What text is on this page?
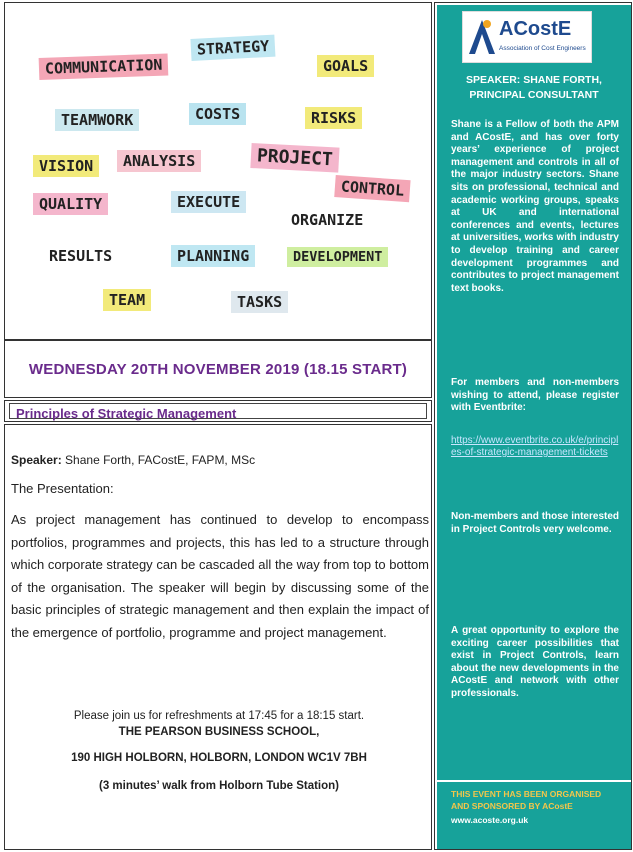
COMMUNICATION
STRATEGY
GOALS
TEAMWORK	COSTS	RISKS
VISION	ANALYSIS	PROJECT
CONTROL
QUALITY	EXECUTE
ORGANIZE
RESULTS	PLANNING	DEVELOPMENT
TEAM	TASKS
WEDNESDAY 20TH NOVEMBER 2019 (18.15 START)
Principles of Strategic Management
Speaker: Shane Forth, FACostE, FAPM, MSc
The Presentation:

As project management has continued to develop to encompass portfolios, programmes and projects, this has led to a structure through which corporate strategy can be cascaded all the way from top to bottom of the organisation. The speaker will begin by discussing some of the basic principles of strategic management and then explain the impact of the emergence of portfolio, programme and project management.

Please join us for refreshments at 17:45 for a 18:15 start.
THE PEARSON BUSINESS SCHOOL,
190 HIGH HOLBORN, HOLBORN, LONDON WC1V 7BH
(3 minutes’ walk from Holborn Tube Station)
ACostE
Association of Cost Engineers
SPEAKER: SHANE FORTH,
PRINCIPAL CONSULTANT
Shane is a Fellow of both the APM and ACostE, and has over forty years’ experience of project management and controls in all of the major industry sectors. Shane sits on professional, technical and academic working groups, speaks at UK and international conferences and events, lectures at universities, works with industry to develop training and career development programmes and contributes to project management text books.
For members and non-members wishing to attend, please register with Eventbrite:
https://www.eventbrite.co.uk/e/principles-of-strategic-management-tickets
Non-members and those interested in Project Controls very welcome.
A great opportunity to explore the exciting career possibilities that exist in Project Controls, learn about the new developments in the ACostE and network with other professionals.
THIS EVENT HAS BEEN ORGANISED AND SPONSORED BY ACostE
www.acoste.org.uk
